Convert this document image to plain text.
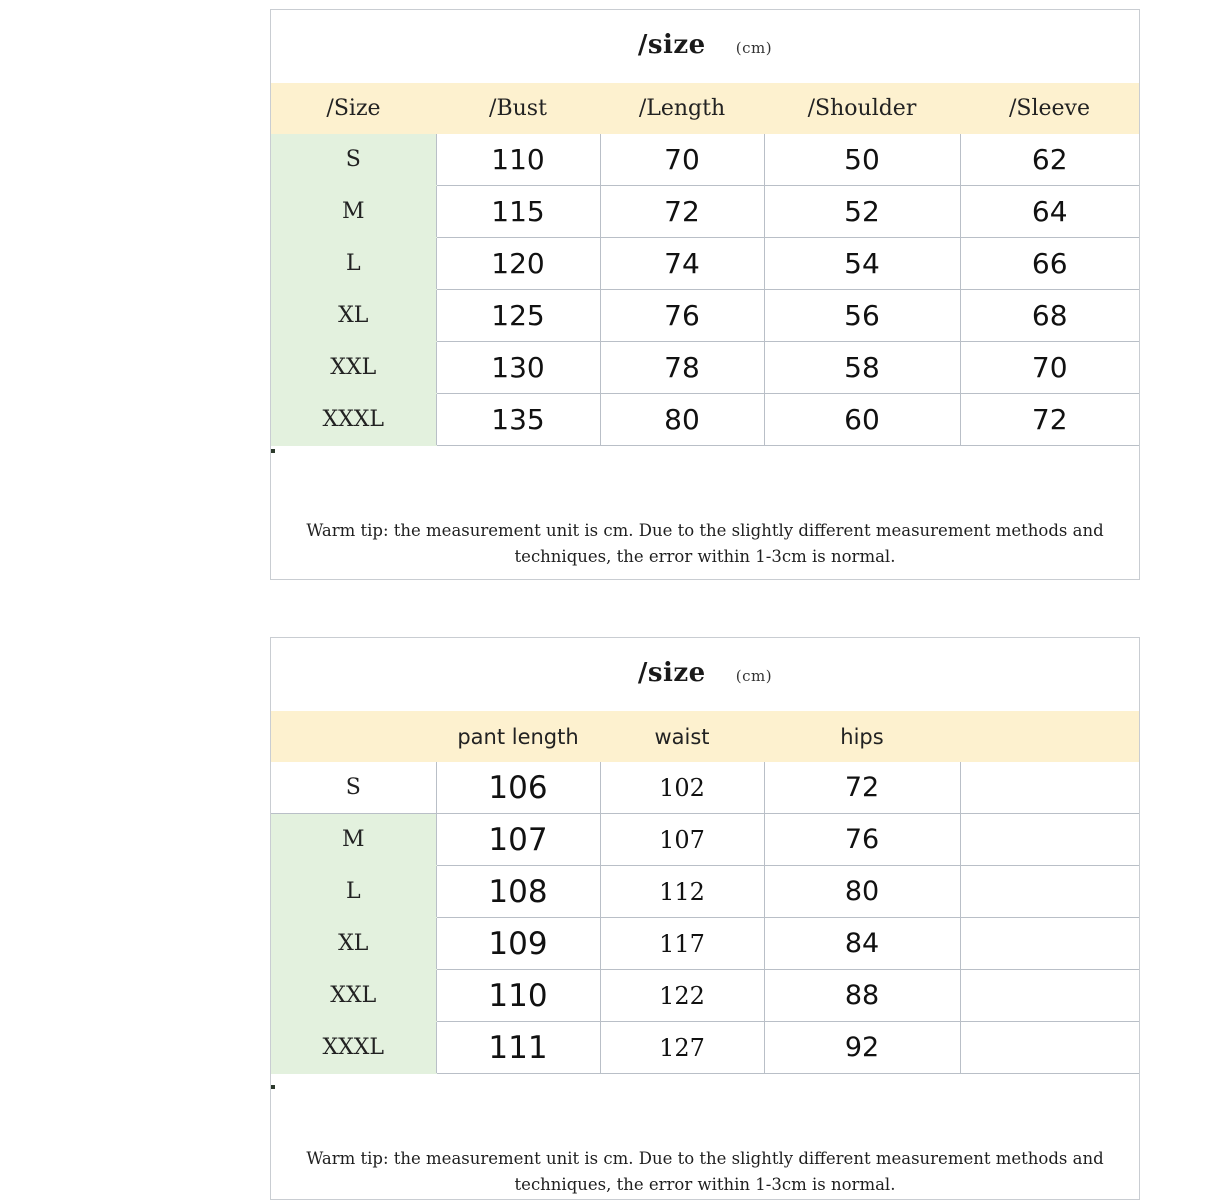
/size (cm)
/Size	/Bust	/Length	/Shoulder	/Sleeve
S	110	70	50	62
M	115	72	52	64
L	120	74	54	66
XL	125	76	56	68
XXL	130	78	58	70
XXXL	135	80	60	72
Warm tip: the measurement unit is cm. Due to the slightly different measurement methods and techniques, the error within 1-3cm is normal.
/size (cm)
	pant length	waist	hips	
S	106	102	72	
M	107	107	76	
L	108	112	80	
XL	109	117	84	
XXL	110	122	88	
XXXL	111	127	92	
Warm tip: the measurement unit is cm. Due to the slightly different measurement methods and techniques, the error within 1-3cm is normal.
